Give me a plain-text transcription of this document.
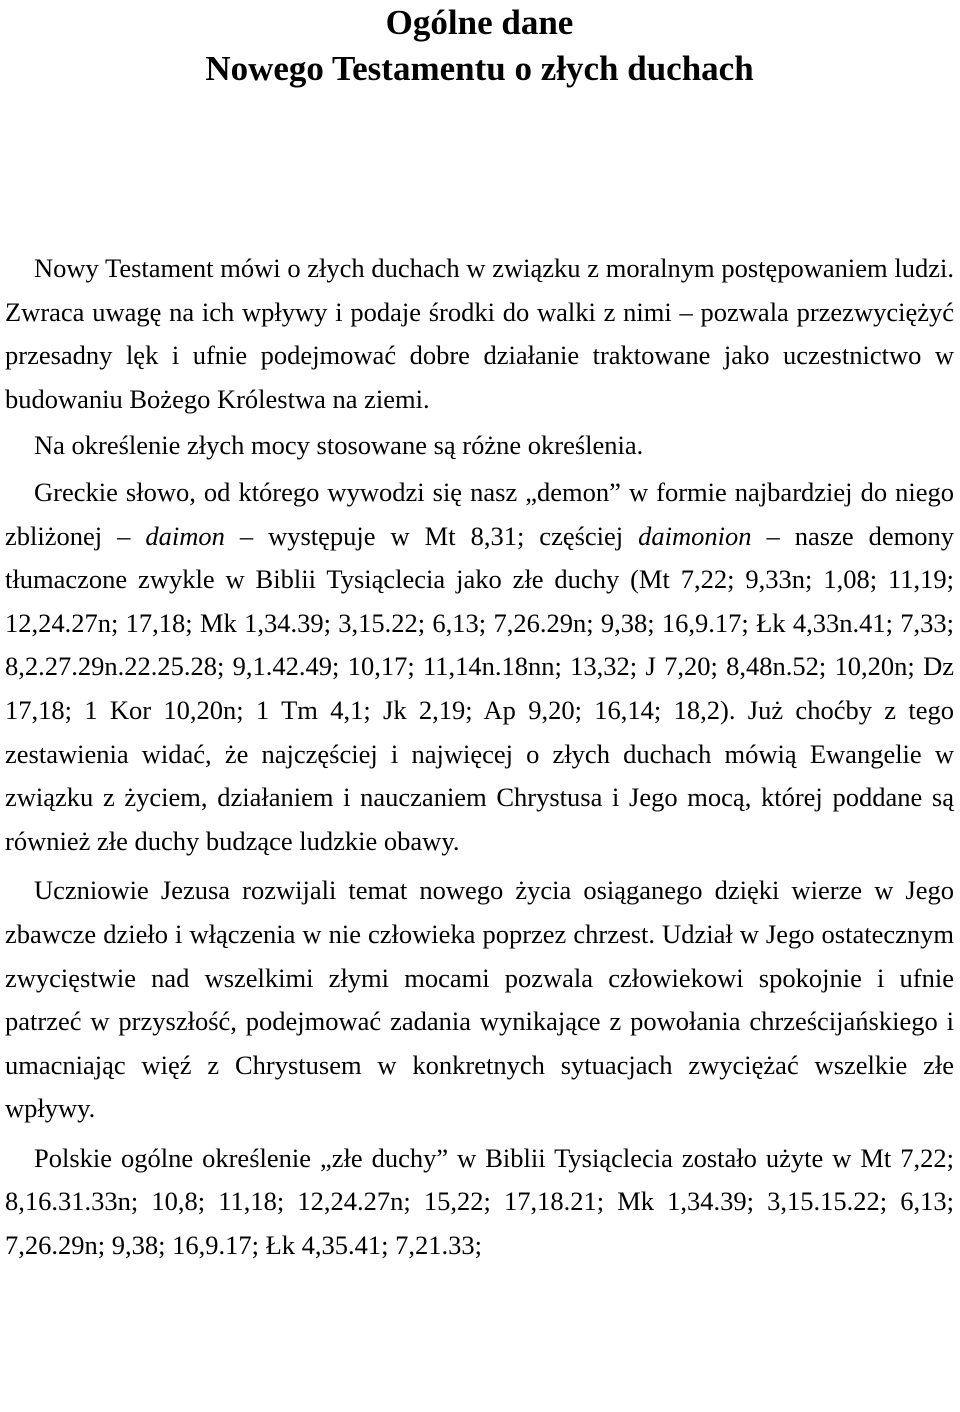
Ogólne dane
Nowego Testamentu o złych duchach

Nowy Testament mówi o złych duchach w związku z moralnym postępowaniem ludzi. Zwraca uwagę na ich wpływy i podaje środki do walki z nimi – pozwala przezwyciężyć przesadny lęk i ufnie podejmować dobre działanie traktowane jako uczestnictwo w budowaniu Bożego Królestwa na ziemi.

Na określenie złych mocy stosowane są różne określenia.

Greckie słowo, od którego wywodzi się nasz „demon” w formie najbardziej do niego zbliżonej – daimon – występuje w Mt 8,31; częściej daimonion – nasze demony tłumaczone zwykle w Biblii Tysiąclecia jako złe duchy (Mt 7,22; 9,33n; 1,08; 11,19; 12,24.27n; 17,18; Mk 1,34.39; 3,15.22; 6,13; 7,26.29n; 9,38; 16,9.17; Łk 4,33n.41; 7,33; 8,2.27.29n.22.25.28; 9,1.42.49; 10,17; 11,14n.18nn; 13,32; J 7,20; 8,48n.52; 10,20n; Dz 17,18; 1 Kor 10,20n; 1 Tm 4,1; Jk 2,19; Ap 9,20; 16,14; 18,2). Już choćby z tego zestawienia widać, że najczęściej i najwięcej o złych duchach mówią Ewangelie w związku z życiem, działaniem i nauczaniem Chrystusa i Jego mocą, której poddane są również złe duchy budzące ludzkie obawy.

Uczniowie Jezusa rozwijali temat nowego życia osiąganego dzięki wierze w Jego zbawcze dzieło i włączenia w nie człowieka poprzez chrzest. Udział w Jego ostatecznym zwycięstwie nad wszelkimi złymi mocami pozwala człowiekowi spokojnie i ufnie patrzeć w przyszłość, podejmować zadania wynikające z powołania chrześcijańskiego i umacniając więź z Chrystusem w konkretnych sytuacjach zwyciężać wszelkie złe wpływy.

Polskie ogólne określenie „złe duchy” w Biblii Tysiąclecia zostało użyte w Mt 7,22; 8,16.31.33n; 10,8; 11,18; 12,24.27n; 15,22; 17,18.21; Mk 1,34.39; 3,15.15.22; 6,13; 7,26.29n; 9,38; 16,9.17; Łk 4,35.41; 7,21.33;
